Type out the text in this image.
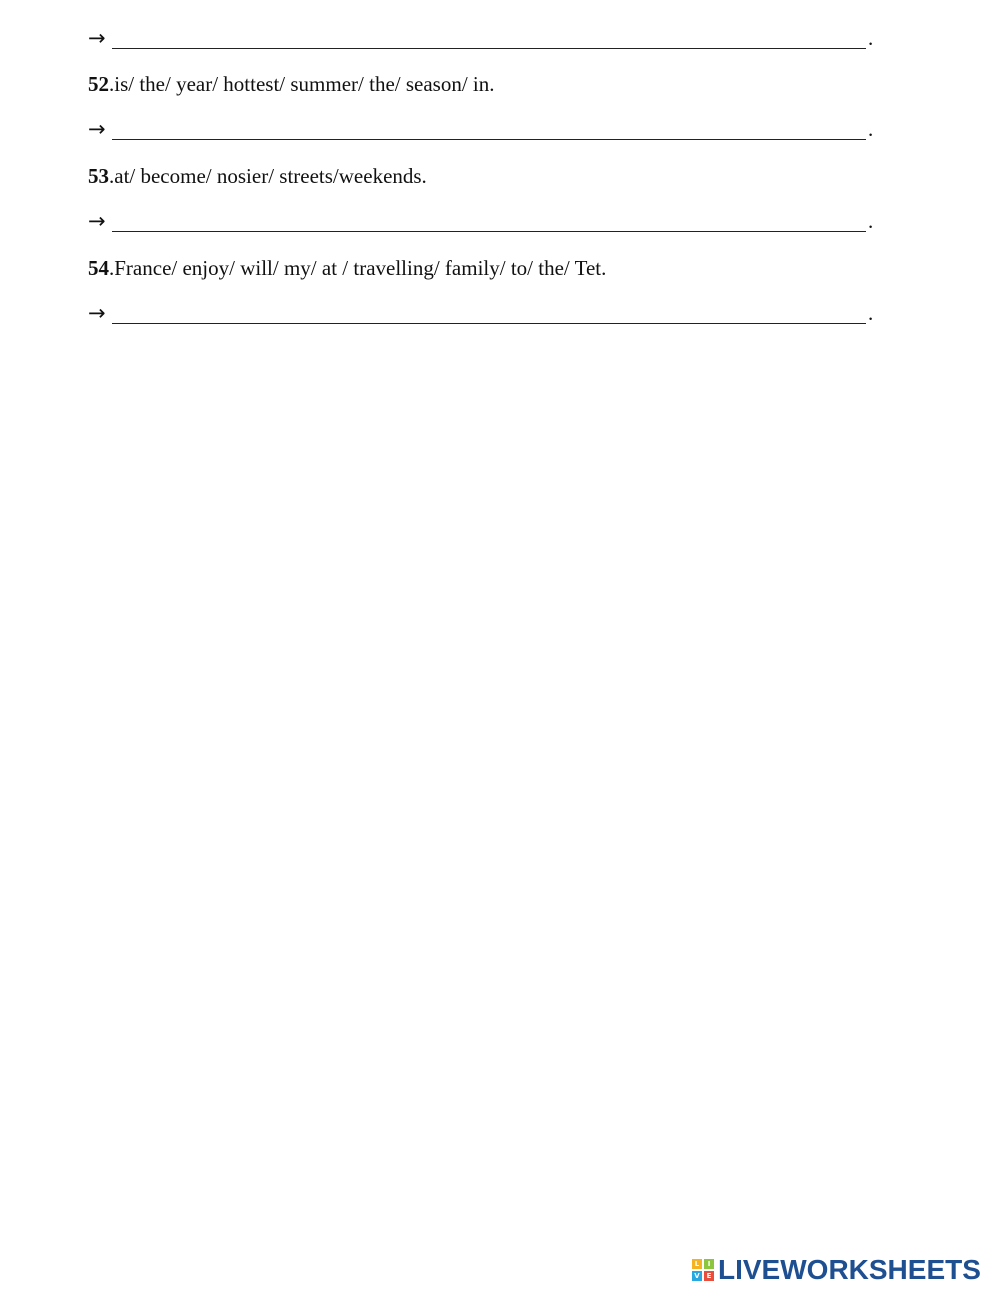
→	.
52.is/ the/ year/ hottest/ summer/ the/ season/ in.
→	.
53.at/ become/ nosier/ streets/weekends.
→	.
54.France/ enjoy/ will/ my/ at / travelling/ family/ to/ the/ Tet.
→	.
L	I
V E LIVEWORKSHEETS
